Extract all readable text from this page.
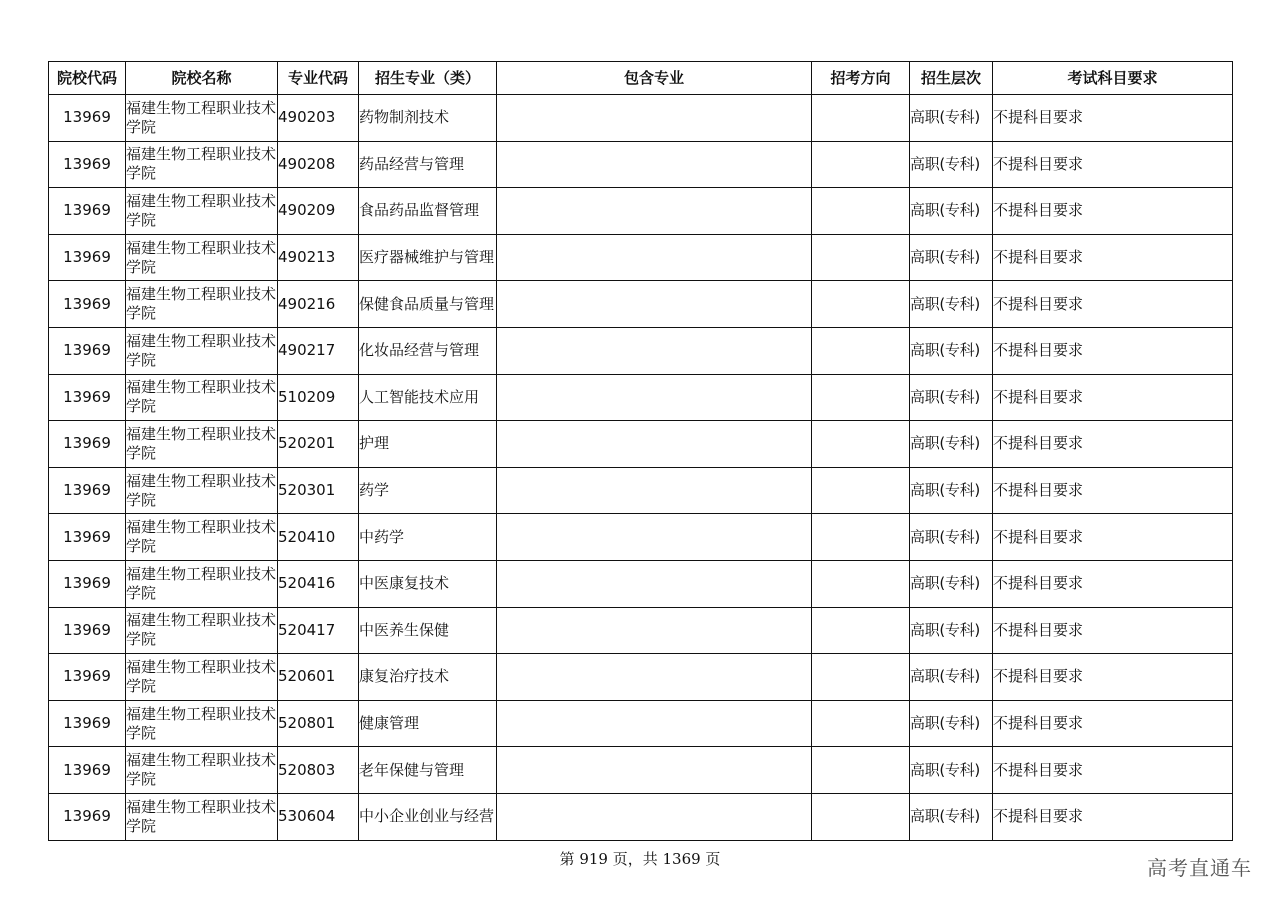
院校代码	院校名称	专业代码	招生专业（类）	包含专业	招考方向	招生层次	考试科目要求
13969	福建生物工程职业技术学院	490203	药物制剂技术			高职(专科)	不提科目要求
13969	福建生物工程职业技术学院	490208	药品经营与管理			高职(专科)	不提科目要求
13969	福建生物工程职业技术学院	490209	食品药品监督管理			高职(专科)	不提科目要求
13969	福建生物工程职业技术学院	490213	医疗器械维护与管理			高职(专科)	不提科目要求
13969	福建生物工程职业技术学院	490216	保健食品质量与管理			高职(专科)	不提科目要求
13969	福建生物工程职业技术学院	490217	化妆品经营与管理			高职(专科)	不提科目要求
13969	福建生物工程职业技术学院	510209	人工智能技术应用			高职(专科)	不提科目要求
13969	福建生物工程职业技术学院	520201	护理			高职(专科)	不提科目要求
13969	福建生物工程职业技术学院	520301	药学			高职(专科)	不提科目要求
13969	福建生物工程职业技术学院	520410	中药学			高职(专科)	不提科目要求
13969	福建生物工程职业技术学院	520416	中医康复技术			高职(专科)	不提科目要求
13969	福建生物工程职业技术学院	520417	中医养生保健			高职(专科)	不提科目要求
13969	福建生物工程职业技术学院	520601	康复治疗技术			高职(专科)	不提科目要求
13969	福建生物工程职业技术学院	520801	健康管理			高职(专科)	不提科目要求
13969	福建生物工程职业技术学院	520803	老年保健与管理			高职(专科)	不提科目要求
13969	福建生物工程职业技术学院	530604	中小企业创业与经营			高职(专科)	不提科目要求
第 919 页，共 1369 页	高考直通车
